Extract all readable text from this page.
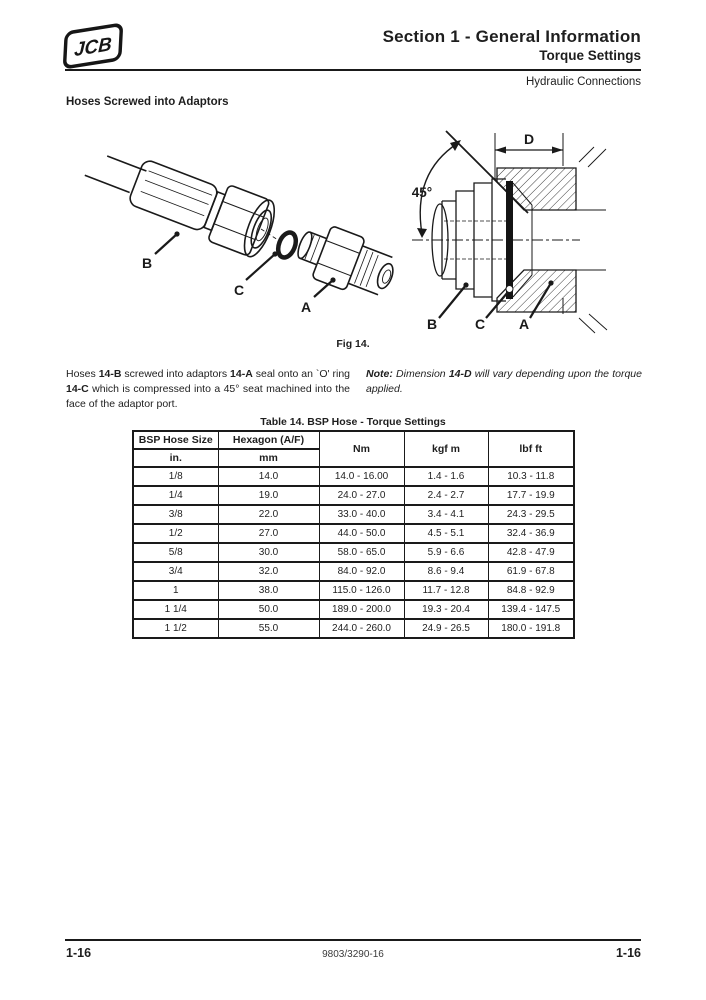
JCB	Section 1 - General Information
Torque Settings
Hydraulic Connections
Hoses Screwed into Adaptors
B
C
A
45°
D
B	C A
Fig 14.
Hoses 14-B screwed into adaptors 14-A seal onto an `O' ring 14-C which is compressed into a 45° seat machined into the face of the adaptor port.
Note: Dimension 14-D will vary depending upon the torque applied.
Table 14. BSP Hose - Torque Settings
BSP Hose Size	Hexagon (A/F)	Nm	kgf m	lbf ft
in.	mm			
1/8	14.0	14.0 - 16.00	1.4 - 1.6	10.3 - 11.8
1/4	19.0	24.0 - 27.0	2.4 - 2.7	17.7 - 19.9
3/8	22.0	33.0 - 40.0	3.4 - 4.1	24.3 - 29.5
1/2	27.0	44.0 - 50.0	4.5 - 5.1	32.4 - 36.9
5/8	30.0	58.0 - 65.0	5.9 - 6.6	42.8 - 47.9
3/4	32.0	84.0 - 92.0	8.6 - 9.4	61.9 - 67.8
1	38.0	115.0 - 126.0	11.7 - 12.8	84.8 - 92.9
1 1/4	50.0	189.0 - 200.0	19.3 - 20.4	139.4 - 147.5
1 1/2	55.0	244.0 - 260.0	24.9 - 26.5	180.0 - 191.8
1-16	9803/3290-16	1-16
